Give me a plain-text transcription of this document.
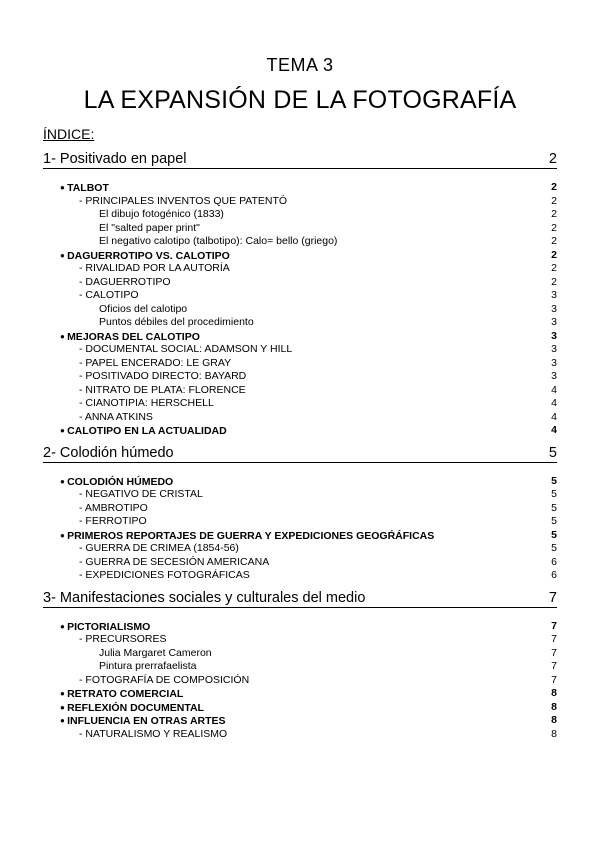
TEMA 3
LA EXPANSIÓN DE LA FOTOGRAFÍA
ÍNDICE:
1- Positivado en papel	2
● TALBOT	2
- PRINCIPALES INVENTOS QUE PATENTÓ	2
El dibujo fotogénico (1833)	2
El "salted paper print"	2
El negativo calotipo (talbotipo): Calo= bello (griego)	2
● DAGUERROTIPO VS. CALOTIPO	2
- RIVALIDAD POR LA AUTORÍA	2
- DAGUERROTIPO	2
- CALOTIPO	3
Oficios del calotipo	3
Puntos débiles del procedimiento	3
● MEJORAS DEL CALOTIPO	3
- DOCUMENTAL SOCIAL: ADAMSON Y HILL	3
- PAPEL ENCERADO: LE GRAY	3
- POSITIVADO DIRECTO: BAYARD	3
- NITRATO DE PLATA: FLORENCE	4
- CIANOTIPIA: HERSCHELL	4
- ANNA ATKINS	4
● CALOTIPO EN LA ACTUALIDAD	4
2- Colodión húmedo	5
● COLODIÓN HÚMEDO	5
- NEGATIVO DE CRISTAL	5
- AMBROTIPO	5
- FERROTIPO	5
● PRIMEROS REPORTAJES DE GUERRA Y EXPEDICIONES GEOGŔÁFICAS	5
- GUERRA DE CRIMEA (1854-56)	5
- GUERRA DE SECESIÓN AMERICANA	6
- EXPEDICIONES FOTOGRÁFICAS	6
3- Manifestaciones sociales y culturales del medio	7
● PICTORIALISMO	7
- PRECURSORES	7
Julia Margaret Cameron	7
Pintura prerrafaelista	7
- FOTOGRAFÍA DE COMPOSICIÓN	7
● RETRATO COMERCIAL	8
● REFLEXIÓN DOCUMENTAL	8
● INFLUENCIA EN OTRAS ARTES	8
- NATURALISMO Y REALISMO	8
